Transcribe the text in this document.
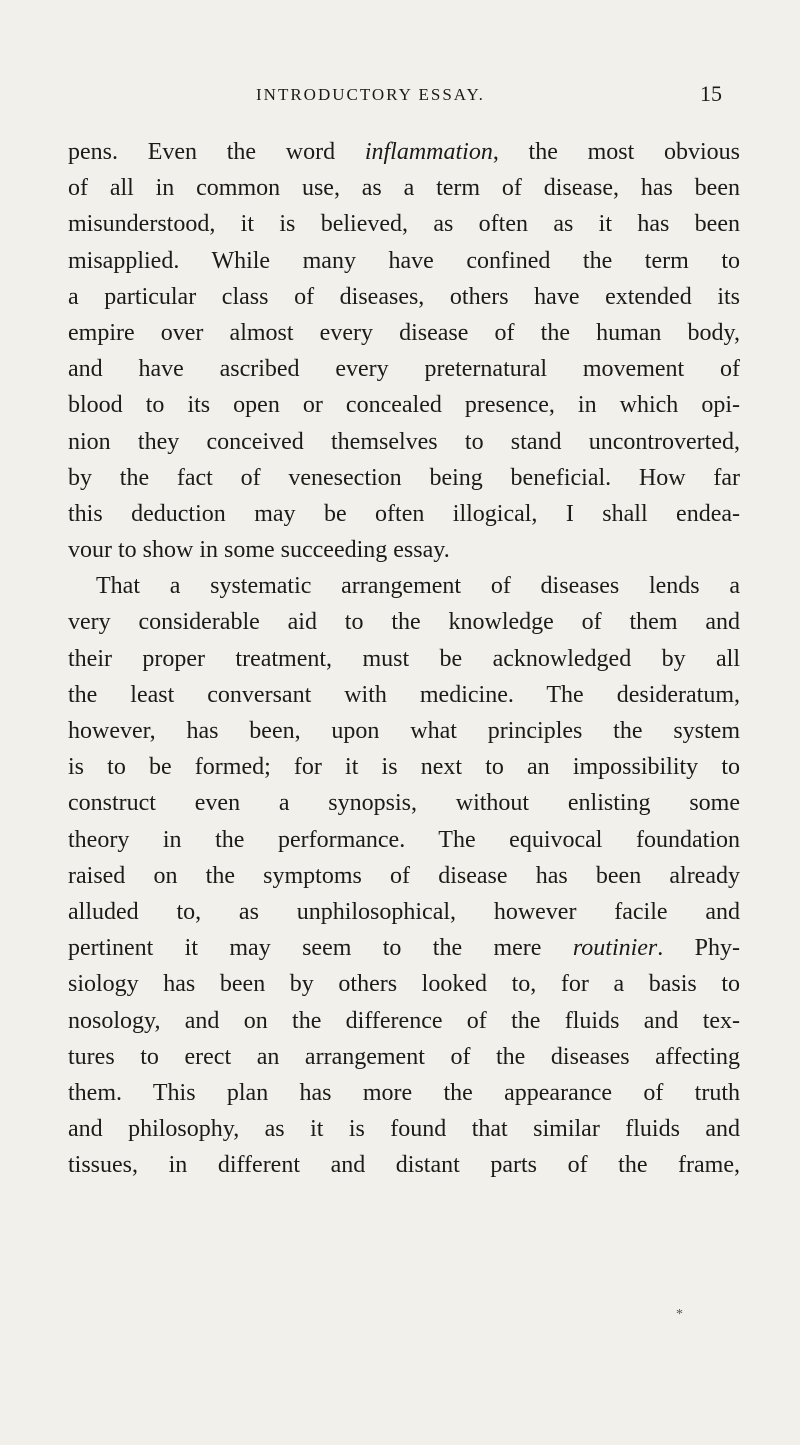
INTRODUCTORY ESSAY.	15
pens. Even the word inflammation, the most obvious
of all in common use, as a term of disease, has been
misunderstood, it is believed, as often as it has been
misapplied. While many have confined the term to
a particular class of diseases, others have extended its
empire over almost every disease of the human body,
and have ascribed every preternatural movement of
blood to its open or concealed presence, in which opi-
nion they conceived themselves to stand uncontroverted,
by the fact of venesection being beneficial. How far
this deduction may be often illogical, I shall endea-
vour to show in some succeeding essay.
That a systematic arrangement of diseases lends a
very considerable aid to the knowledge of them and
their proper treatment, must be acknowledged by all
the least conversant with medicine. The desideratum,
however, has been, upon what principles the system
is to be formed; for it is next to an impossibility to
construct even a synopsis, without enlisting some
theory in the performance. The equivocal foundation
raised on the symptoms of disease has been already
alluded to, as unphilosophical, however facile and
pertinent it may seem to the mere routinier. Phy-
siology has been by others looked to, for a basis to
nosology, and on the difference of the fluids and tex-
tures to erect an arrangement of the diseases affecting
them. This plan has more the appearance of truth
and philosophy, as it is found that similar fluids and
tissues, in different and distant parts of the frame,
*
